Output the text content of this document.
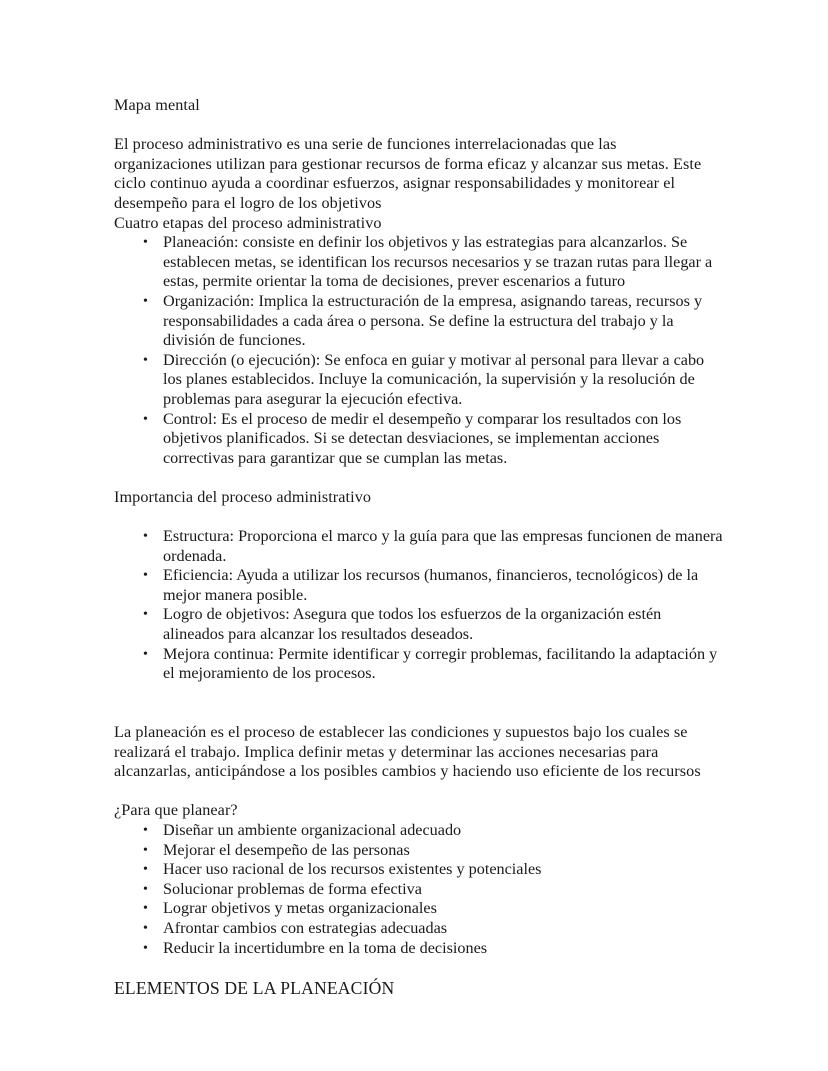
Mapa mental

El proceso administrativo es una serie de funciones interrelacionadas que las organizaciones utilizan para gestionar recursos de forma eficaz y alcanzar sus metas. Este ciclo continuo ayuda a coordinar esfuerzos, asignar responsabilidades y monitorear el desempeño para el logro de los objetivos

Cuatro etapas del proceso administrativo

• Planeación: consiste en definir los objetivos y las estrategias para alcanzarlos. Se establecen metas, se identifican los recursos necesarios y se trazan rutas para llegar a estas, permite orientar la toma de decisiones, prever escenarios a futuro
• Organización: Implica la estructuración de la empresa, asignando tareas, recursos y responsabilidades a cada área o persona. Se define la estructura del trabajo y la división de funciones.
• Dirección (o ejecución): Se enfoca en guiar y motivar al personal para llevar a cabo los planes establecidos. Incluye la comunicación, la supervisión y la resolución de problemas para asegurar la ejecución efectiva.
• Control: Es el proceso de medir el desempeño y comparar los resultados con los objetivos planificados. Si se detectan desviaciones, se implementan acciones correctivas para garantizar que se cumplan las metas.

Importancia del proceso administrativo

• Estructura: Proporciona el marco y la guía para que las empresas funcionen de manera ordenada.
• Eficiencia: Ayuda a utilizar los recursos (humanos, financieros, tecnológicos) de la mejor manera posible.
• Logro de objetivos: Asegura que todos los esfuerzos de la organización estén alineados para alcanzar los resultados deseados.
• Mejora continua: Permite identificar y corregir problemas, facilitando la adaptación y el mejoramiento de los procesos.

La planeación es el proceso de establecer las condiciones y supuestos bajo los cuales se realizará el trabajo. Implica definir metas y determinar las acciones necesarias para alcanzarlas, anticipándose a los posibles cambios y haciendo uso eficiente de los recursos

¿Para que planear?

• Diseñar un ambiente organizacional adecuado
• Mejorar el desempeño de las personas
• Hacer uso racional de los recursos existentes y potenciales
• Solucionar problemas de forma efectiva
• Lograr objetivos y metas organizacionales
• Afrontar cambios con estrategias adecuadas
• Reducir la incertidumbre en la toma de decisiones

ELEMENTOS DE LA PLANEACIÓN
